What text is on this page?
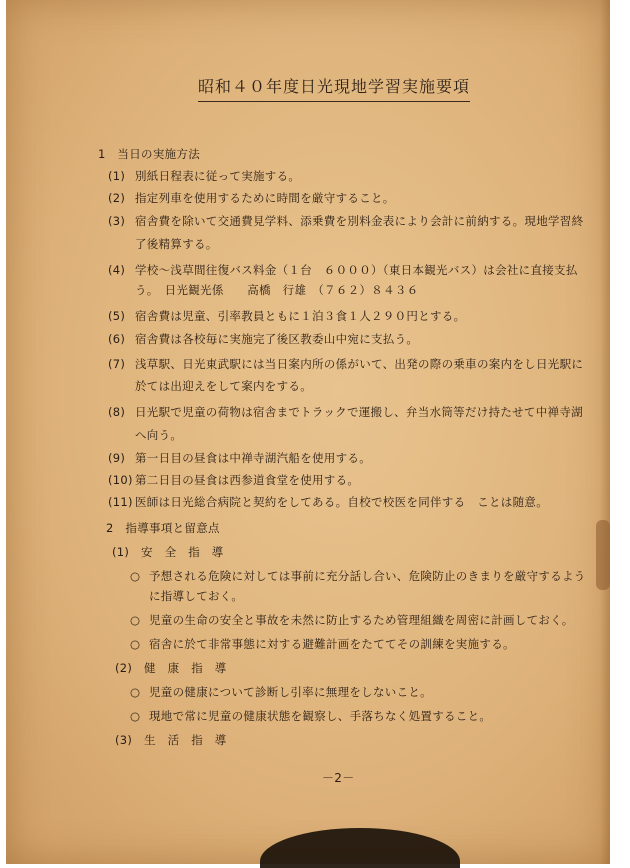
昭和４０年度日光現地学習実施要項
1　当日の実施方法
(1) 別紙日程表に従って実施する。
(2) 指定列車を使用するために時間を厳守すること。
(3) 宿舎費を除いて交通費見学料、添乗費を別料金表により会計に前納する。現地学習終
了後精算する。
(4) 学校～浅草間往復バス料金（１台　６０００）（東日本観光バス）は会社に直接支払
う。　日光観光係　　高橋　行雄　（７６２）８４３６
(5) 宿舎費は児童、引率教員ともに１泊３食１人２９０円とする。
(6) 宿舎費は各校毎に実施完了後区教委山中宛に支払う。
(7) 浅草駅、日光東武駅には当日案内所の係がいて、出発の際の乗車の案内をし日光駅に
於ては出迎えをして案内をする。
(8) 日光駅で児童の荷物は宿舎までトラックで運搬し、弁当水筒等だけ持たせて中禅寺湖
へ向う。
(9) 第一日目の昼食は中禅寺湖汽船を使用する。
(10) 第二日目の昼食は西参道食堂を使用する。
(11) 医師は日光総合病院と契約をしてある。自校で校医を同伴する　ことは随意。
2　指導事項と留意点
(1)　安　全　指　導
○ 予想される危険に対しては事前に充分話し合い、危険防止のきまりを厳守するよう
に指導しておく。
○ 児童の生命の安全と事故を未然に防止するため管理組織を周密に計画しておく。
○ 宿舎に於て非常事態に対する避難計画をたててその訓練を実施する。
(2)　健　康　指　導
○ 児童の健康について診断し引率に無理をしないこと。
○ 現地で常に児童の健康状態を観察し、手落ちなく処置すること。
(3)　生　活　指　導
－2－
